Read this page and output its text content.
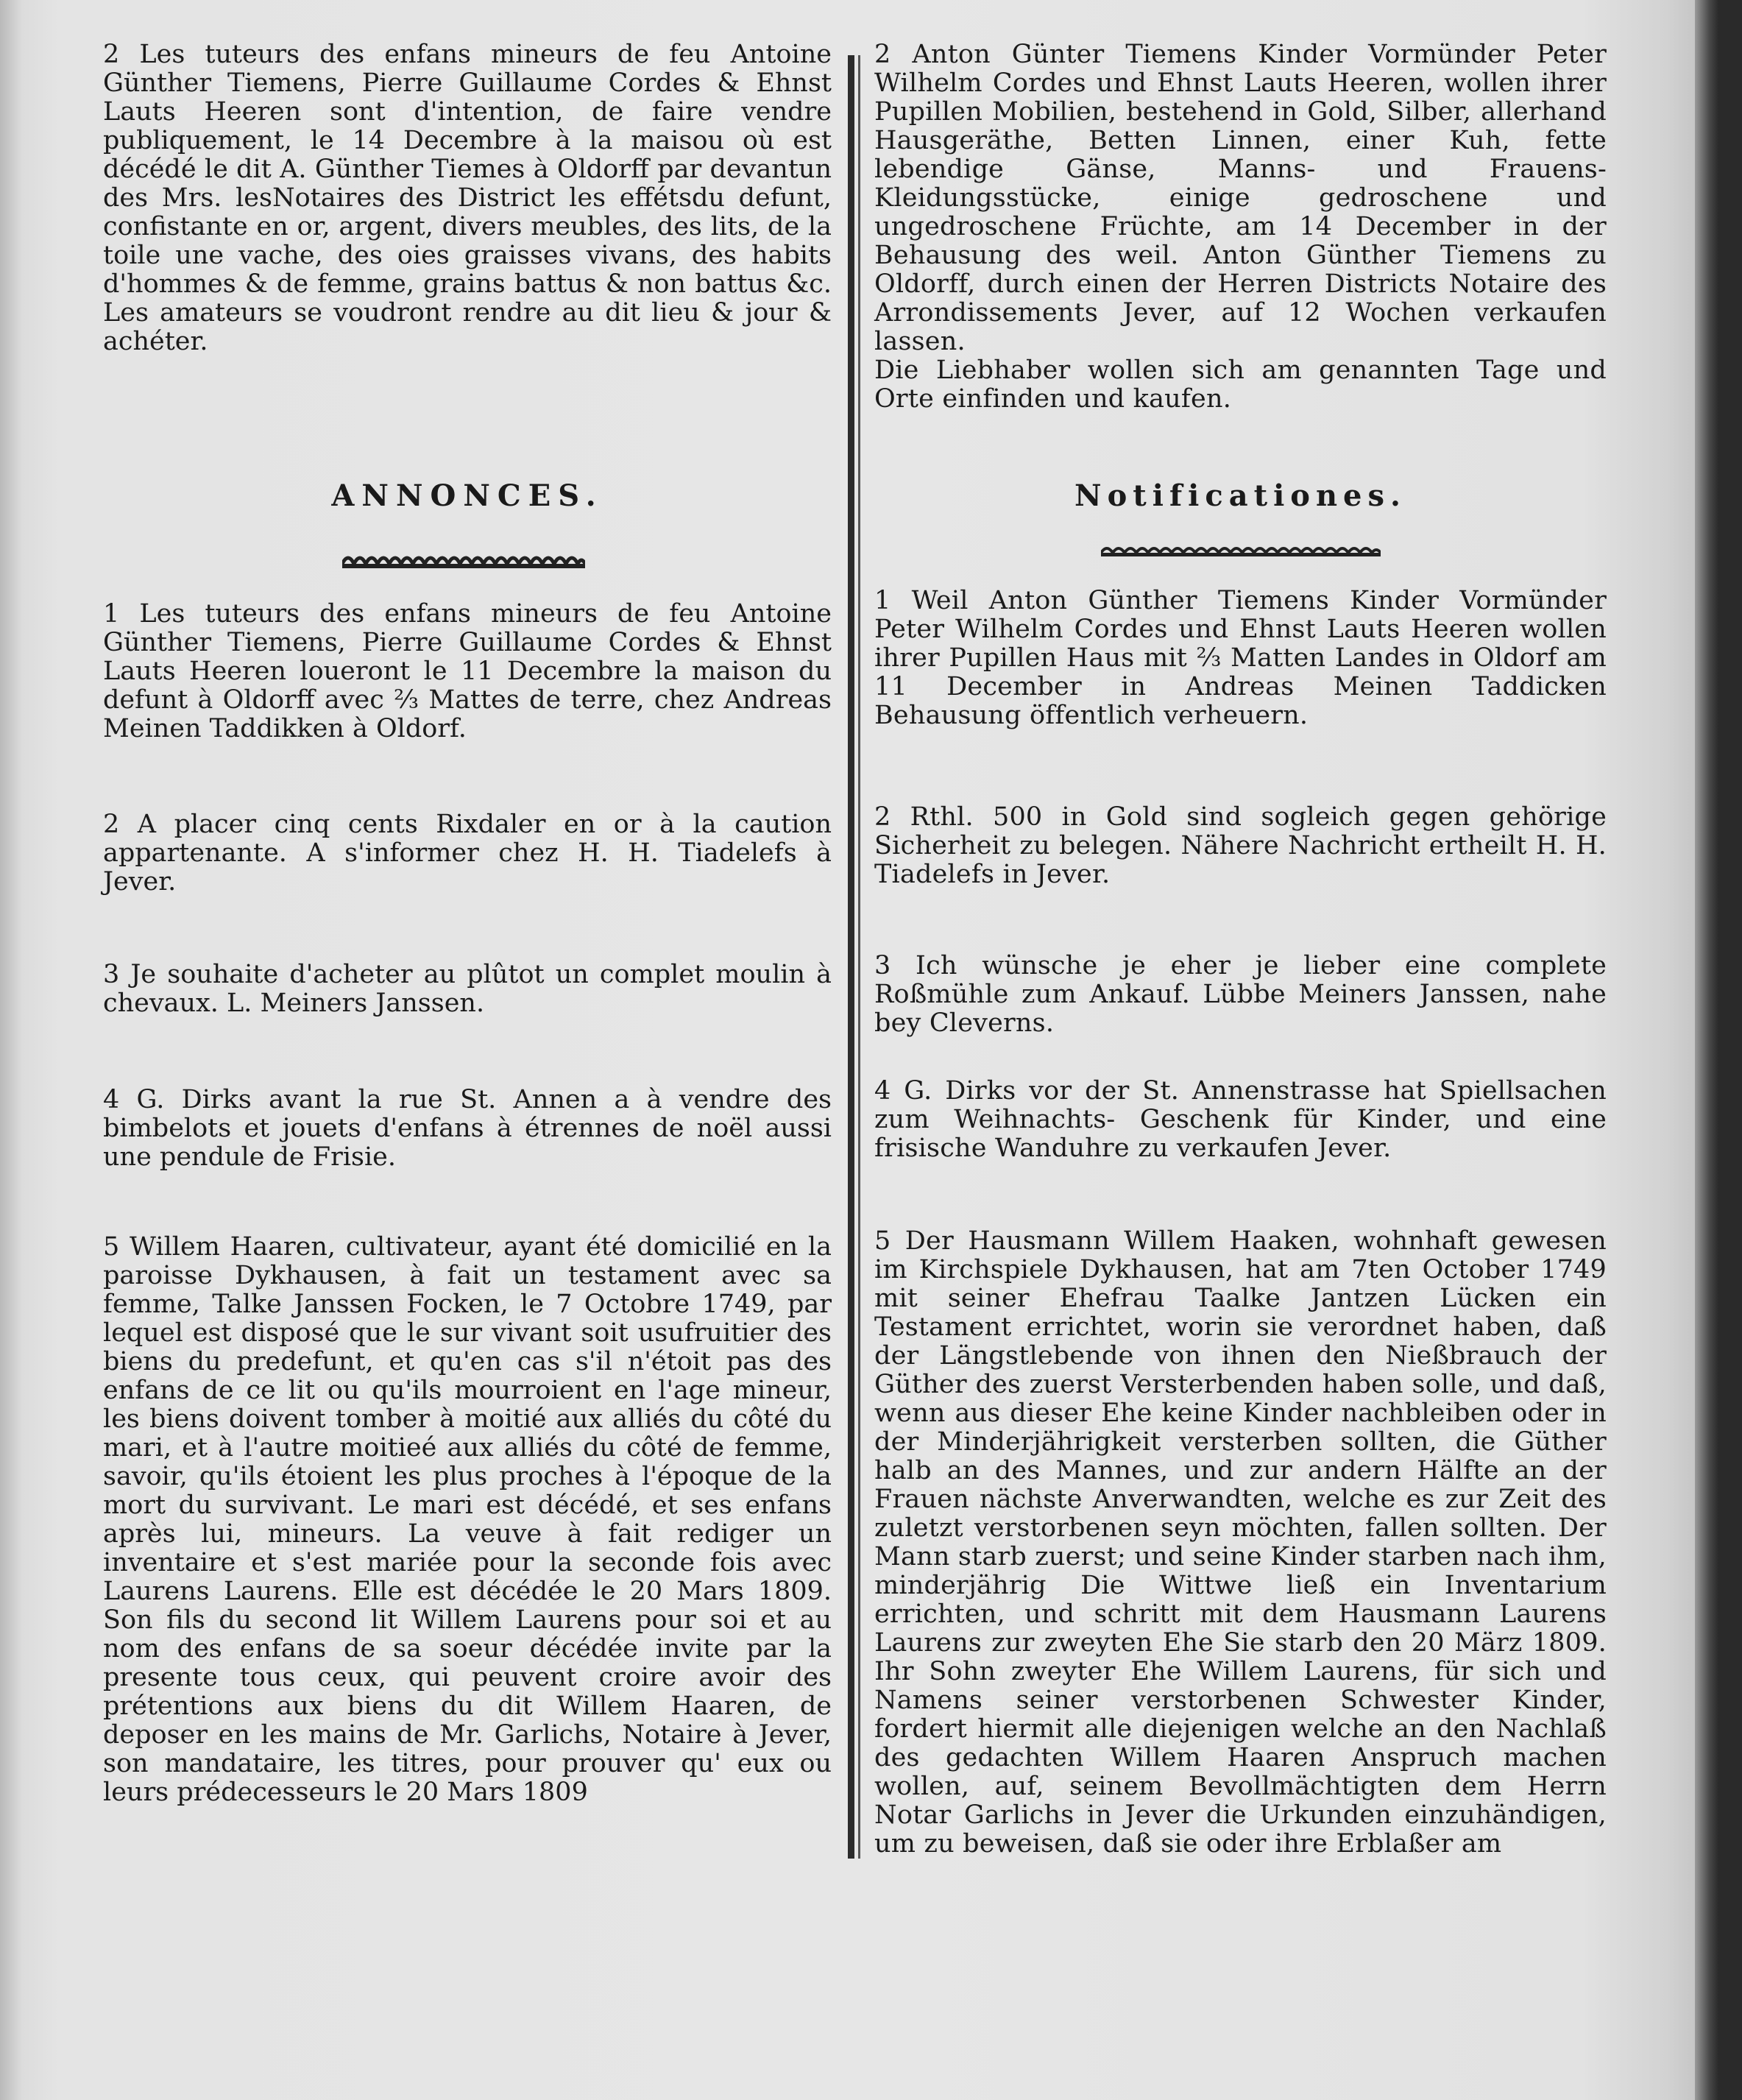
2 Les tuteurs des enfans mineurs de feu Antoine Günther Tiemens, Pierre Guillaume Cordes & Ehnst Lauts Heeren sont d'intention, de faire vendre publiquement, le 14 Decembre à la maisou où est décédé le dit A. Günther Tiemes à Oldorff par devantun des Mrs. lesNotaires des District les effétsdu defunt, confistante en or, argent, divers meubles, des lits, de la toile une vache, des oies graisses vivans, des habits d'hommes & de femme, grains battus & non battus &c. Les amateurs se voudront rendre au dit lieu & jour & achéter.

ANNONCES.

1 Les tuteurs des enfans mineurs de feu Antoine Günther Tiemens, Pierre Guillaume Cordes & Ehnst Lauts Heeren loueront le 11 Decembre la maison du defunt à Oldorff avec ⅔ Mattes de terre, chez Andreas Meinen Taddikken à Oldorf.

2 A placer cinq cents Rixdaler en or à la caution appartenante. A s'informer chez H. H. Tiadelefs à Jever.

3 Je souhaite d'acheter au plûtot un complet moulin à chevaux. L. Meiners Janssen.

4 G. Dirks avant la rue St. Annen a à vendre des bimbelots et jouets d'enfans à étrennes de noël aussi une pendule de Frisie.

5 Willem Haaren, cultivateur, ayant été domicilié en la paroisse Dykhausen, à fait un testament avec sa femme, Talke Janssen Focken, le 7 Octobre 1749, par lequel est disposé que le sur vivant soit usufruitier des biens du predefunt, et qu'en cas s'il n'étoit pas des enfans de ce lit ou qu'ils mourroient en l'age mineur, les biens doivent tomber à moitié aux alliés du côté du mari, et à l'autre moitieé aux alliés du côté de femme, savoir, qu'ils étoient les plus proches à l'époque de la mort du survivant. Le mari est décédé, et ses enfans après lui, mineurs. La veuve à fait rediger un inventaire et s'est mariée pour la seconde fois avec Laurens Laurens. Elle est décédée le 20 Mars 1809. Son fils du second lit Willem Laurens pour soi et au nom des enfans de sa soeur décédée invite par la presente tous ceux, qui peuvent croire avoir des prétentions aux biens du dit Willem Haaren, de deposer en les mains de Mr. Garlichs, Notaire à Jever, son mandataire, les titres, pour prouver qu' eux ou leurs prédecesseurs le 20 Mars 1809

2 Anton Günter Tiemens Kinder Vormünder Peter Wilhelm Cordes und Ehnst Lauts Heeren, wollen ihrer Pupillen Mobilien, bestehend in Gold, Silber, allerhand Hausgeräthe, Betten Linnen, einer Kuh, fette lebendige Gänse, Manns- und Frauens- Kleidungsstücke, einige gedroschene und ungedroschene Früchte, am 14 December in der Behausung des weil. Anton Günther Tiemens zu Oldorff, durch einen der Herren Districts Notaire des Arrondissements Jever, auf 12 Wochen verkaufen lassen.
Die Liebhaber wollen sich am genannten Tage und Orte einfinden und kaufen.

Notificationes.

1 Weil Anton Günther Tiemens Kinder Vormünder Peter Wilhelm Cordes und Ehnst Lauts Heeren wollen ihrer Pupillen Haus mit ⅔ Matten Landes in Oldorf am 11 December in Andreas Meinen Taddicken Behausung öffentlich verheuern.

2 Rthl. 500 in Gold sind sogleich gegen gehörige Sicherheit zu belegen. Nähere Nachricht ertheilt H. H. Tiadelefs in Jever.

3 Ich wünsche je eher je lieber eine complete Roßmühle zum Ankauf. Lübbe Meiners Janssen, nahe bey Cleverns.

4 G. Dirks vor der St. Annenstrasse hat Spiellsachen zum Weihnachts- Geschenk für Kinder, und eine frisische Wanduhre zu verkaufen Jever.

5 Der Hausmann Willem Haaken, wohnhaft gewesen im Kirchspiele Dykhausen, hat am 7ten October 1749 mit seiner Ehefrau Taalke Jantzen Lücken ein Testament errichtet, worin sie verordnet haben, daß der Längstlebende von ihnen den Nießbrauch der Güther des zuerst Versterbenden haben solle, und daß, wenn aus dieser Ehe keine Kinder nachbleiben oder in der Minderjährigkeit versterben sollten, die Güther halb an des Mannes, und zur andern Hälfte an der Frauen nächste Anverwandten, welche es zur Zeit des zuletzt verstorbenen seyn möchten, fallen sollten. Der Mann starb zuerst; und seine Kinder starben nach ihm, minderjährig Die Wittwe ließ ein Inventarium errichten, und schritt mit dem Hausmann Laurens Laurens zur zweyten Ehe Sie starb den 20 März 1809. Ihr Sohn zweyter Ehe Willem Laurens, für sich und Namens seiner verstorbenen Schwester Kinder, fordert hiermit alle diejenigen welche an den Nachlaß des gedachten Willem Haaren Anspruch machen wollen, auf, seinem Bevollmächtigten dem Herrn Notar Garlichs in Jever die Urkunden einzuhändigen, um zu beweisen, daß sie oder ihre Erblaßer am
